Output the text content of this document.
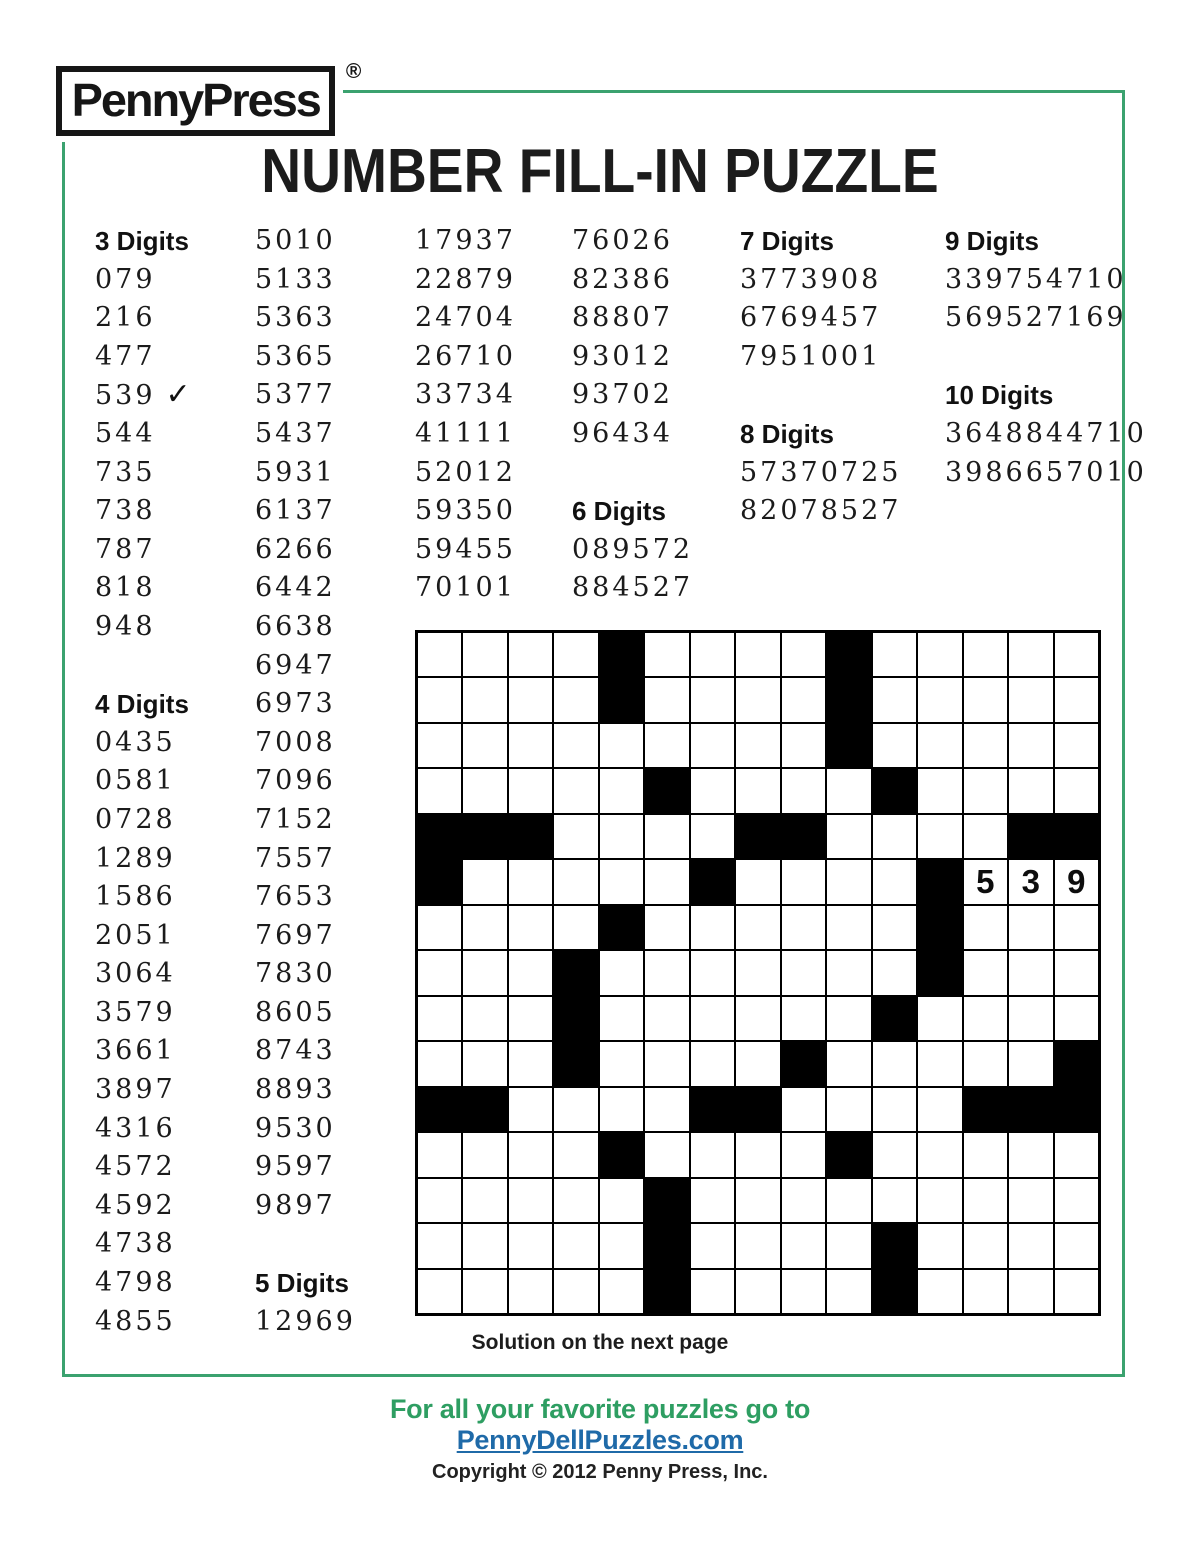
PennyPress
®
NUMBER FILL-IN PUZZLE
3 Digits
079
216
477
539 ✓
544
735
738
787
818
948
4 Digits
0435
0581
0728
1289
1586
2051
3064
3579
3661
3897
4316
4572
4592
4738
4798
4855
5010
5133
5363
5365
5377
5437
5931
6137
6266
6442
6638
6947
6973
7008
7096
7152
7557
7653
7697
7830
8605
8743
8893
9530
9597
9897
5 Digits
12969
17937
22879
24704
26710
33734
41111
52012
59350
59455
70101
76026
82386
88807
93012
93702
96434
6 Digits
089572
884527
7 Digits
3773908
6769457
7951001
8 Digits
57370725
82078527
9 Digits
339754710
569527169
10 Digits
3648844710
3986657010
5 3 9
Solution on the next page
For all your favorite puzzles go to
PennyDellPuzzles.com
Copyright © 2012 Penny Press, Inc.
